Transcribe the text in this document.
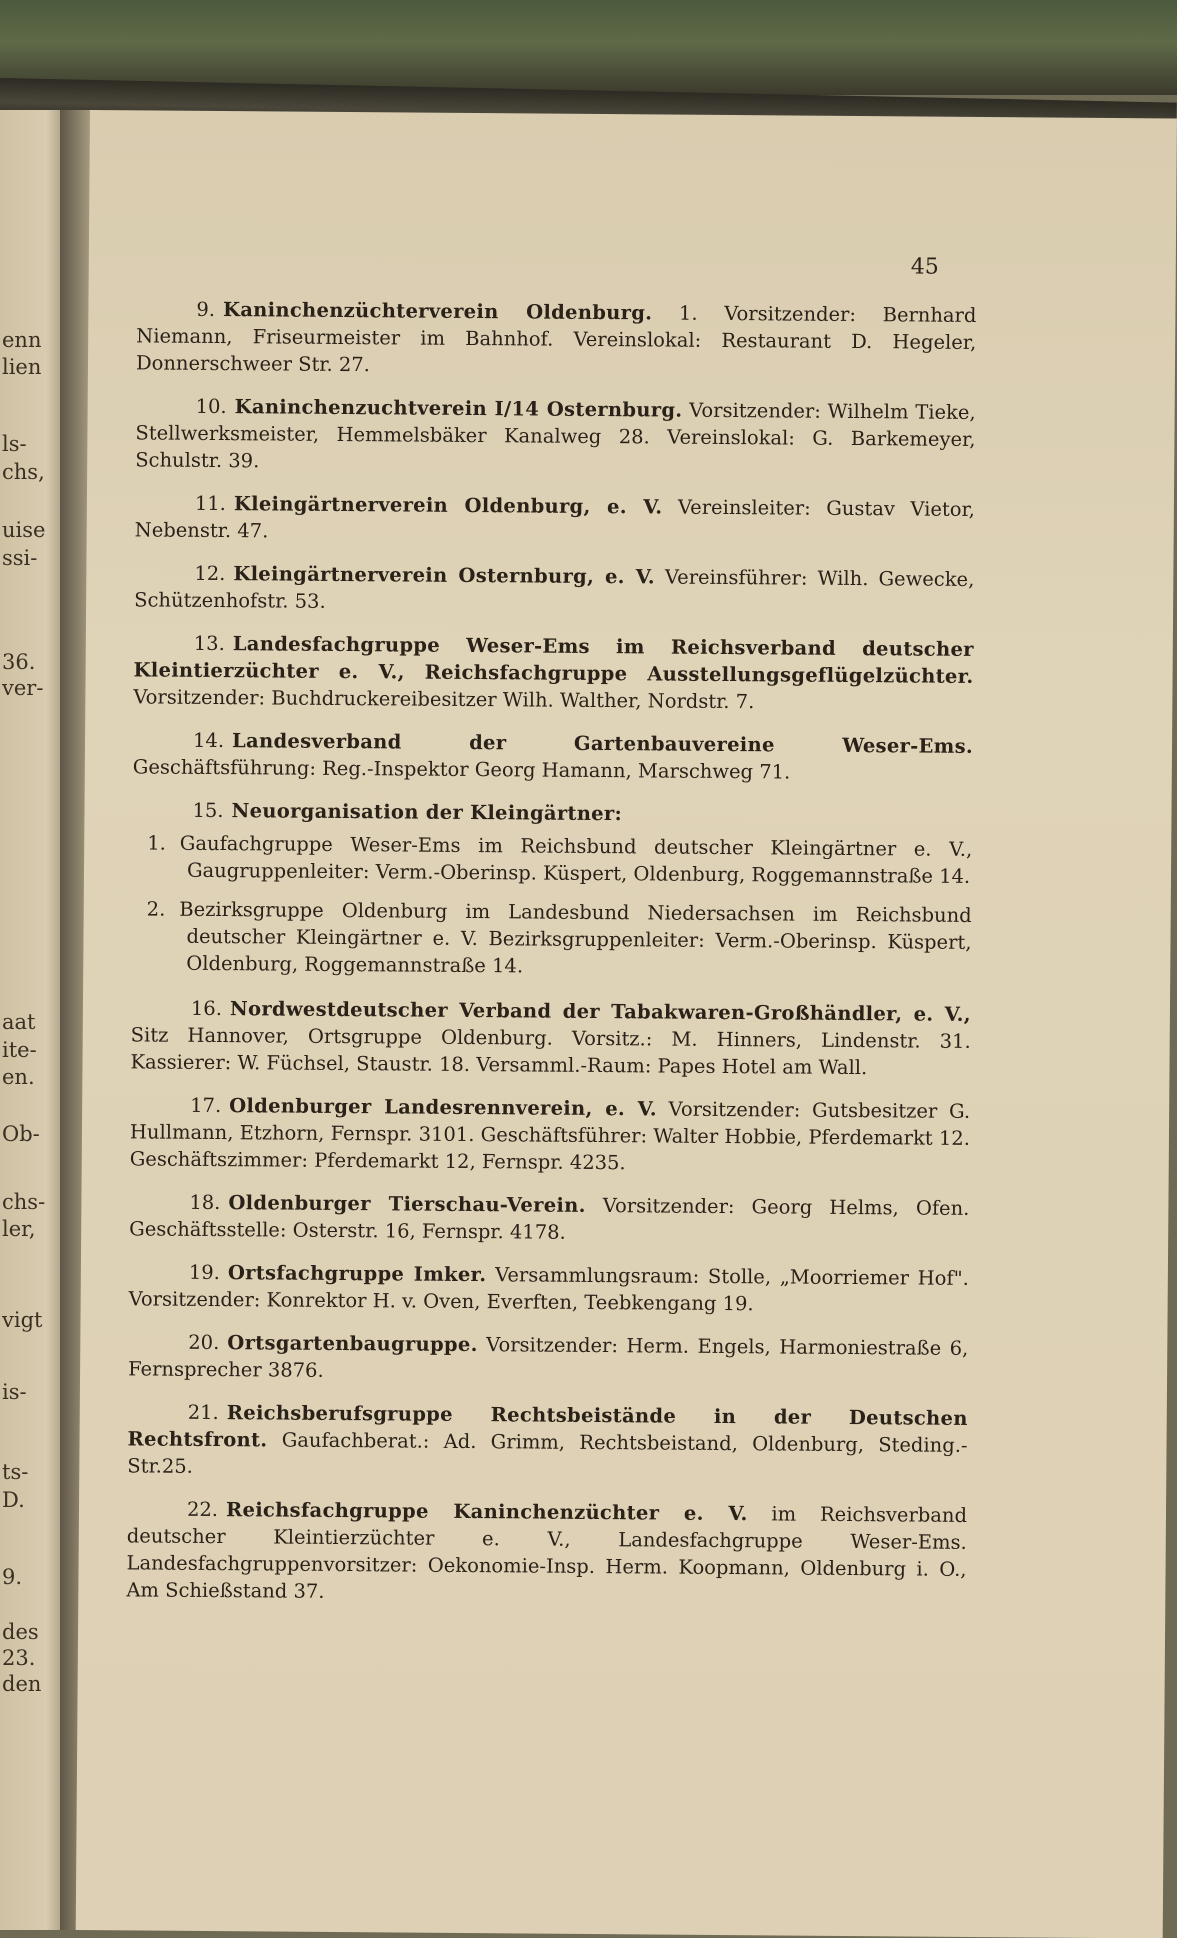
enn
lien
ls-
chs,
uise
ssi-
36.
ver-
aat
ite-
en.
Ob-
chs-
ler,
vigt
is-
ts-
D.
9.
des
23.
den
45

9. Kaninchenzüchterverein Oldenburg. 1. Vorsitzender: Bernhard Niemann, Friseurmeister im Bahnhof. Vereinslokal: Restaurant D. Hegeler, Donnerschweer Str. 27.

10. Kaninchenzuchtverein I/14 Osternburg. Vorsitzender: Wilhelm Tieke, Stellwerksmeister, Hemmelsbäker Kanalweg 28. Vereinslokal: G. Barkemeyer, Schulstr. 39.

11. Kleingärtnerverein Oldenburg, e. V. Vereinsleiter: Gustav Vietor, Nebenstr. 47.

12. Kleingärtnerverein Osternburg, e. V. Vereinsführer: Wilh. Gewecke, Schützenhofstr. 53.

13. Landesfachgruppe Weser-Ems im Reichsverband deutscher Kleintierzüchter e. V., Reichsfachgruppe Ausstellungsgeflügelzüchter. Vorsitzender: Buchdruckereibesitzer Wilh. Walther, Nordstr. 7.

14. Landesverband der Gartenbauvereine Weser-Ems. Geschäftsführung: Reg.-Inspektor Georg Hamann, Marschweg 71.

15. Neuorganisation der Kleingärtner:

1. Gaufachgruppe Weser-Ems im Reichsbund deutscher Kleingärtner e. V., Gaugruppenleiter: Verm.-Oberinsp. Küspert, Oldenburg, Roggemannstraße 14.

2. Bezirksgruppe Oldenburg im Landesbund Niedersachsen im Reichsbund deutscher Kleingärtner e. V. Bezirksgruppenleiter: Verm.-Oberinsp. Küspert, Oldenburg, Roggemannstraße 14.

16. Nordwestdeutscher Verband der Tabakwaren-Großhändler, e. V., Sitz Hannover, Ortsgruppe Oldenburg. Vorsitz.: M. Hinners, Lindenstr. 31. Kassierer: W. Füchsel, Staustr. 18. Versamml.-Raum: Papes Hotel am Wall.

17. Oldenburger Landesrennverein, e. V. Vorsitzender: Gutsbesitzer G. Hullmann, Etzhorn, Fernspr. 3101. Geschäftsführer: Walter Hobbie, Pferdemarkt 12. Geschäftszimmer: Pferdemarkt 12, Fernspr. 4235.

18. Oldenburger Tierschau-Verein. Vorsitzender: Georg Helms, Ofen. Geschäftsstelle: Osterstr. 16, Fernspr. 4178.

19. Ortsfachgruppe Imker. Versammlungsraum: Stolle, „Moorriemer Hof". Vorsitzender: Konrektor H. v. Oven, Everften, Teebkengang 19.

20. Ortsgartenbaugruppe. Vorsitzender: Herm. Engels, Harmoniestraße 6, Fernsprecher 3876.

21. Reichsberufsgruppe Rechtsbeistände in der Deutschen Rechtsfront. Gaufachberat.: Ad. Grimm, Rechtsbeistand, Oldenburg, Steding.-Str.25.

22. Reichsfachgruppe Kaninchenzüchter e. V. im Reichsverband deutscher Kleintierzüchter e. V., Landesfachgruppe Weser-Ems. Landesfachgruppenvorsitzer: Oekonomie-Insp. Herm. Koopmann, Oldenburg i. O., Am Schießstand 37.
